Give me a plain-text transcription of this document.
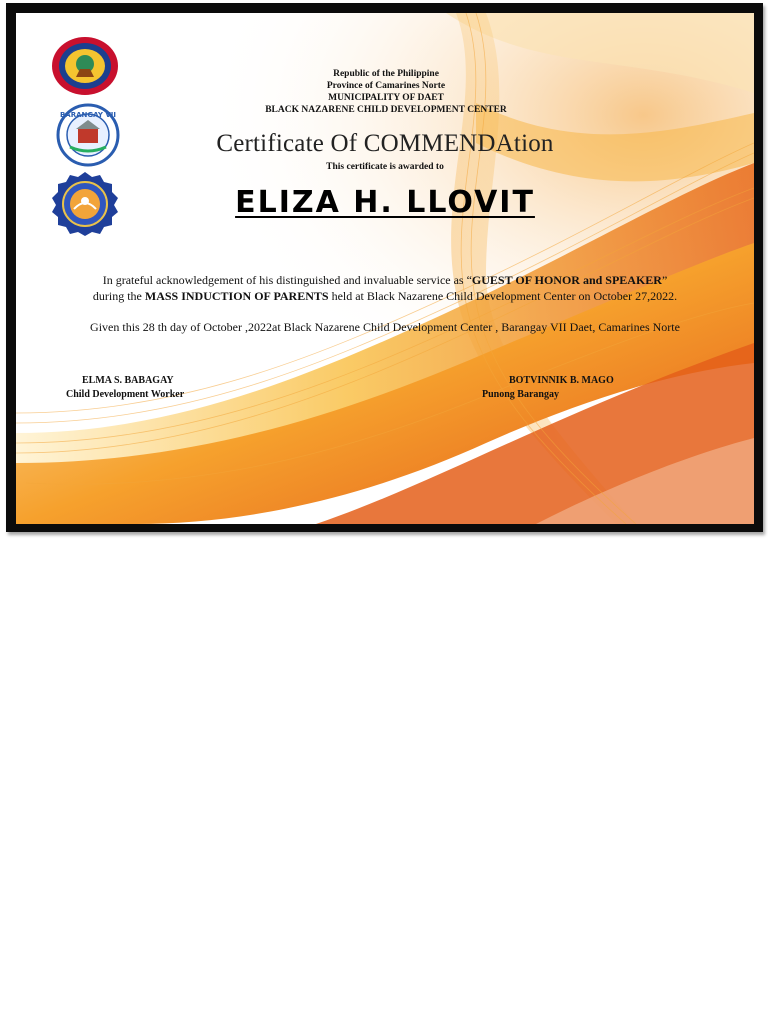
BARANGAY VII
Republic of the Philippine
Province of Camarines Norte
MUNICIPALITY OF DAET
BLACK NAZARENE CHILD DEVELOPMENT CENTER
Certificate Of COMMENDAtion
This certificate is awarded to
ELIZA H. LLOVIT
In grateful acknowledgement of his distinguished and invaluable service as “GUEST OF HONOR and SPEAKER”
during the MASS INDUCTION OF PARENTS held at Black Nazarene Child Development Center on October 27,2022.
Given this 28 th day of October ,2022at Black Nazarene Child Development Center , Barangay VII Daet, Camarines Norte
ELMA S. BABAGAY
Child Development Worker
BOTVINNIK B. MAGO
Punong Barangay
